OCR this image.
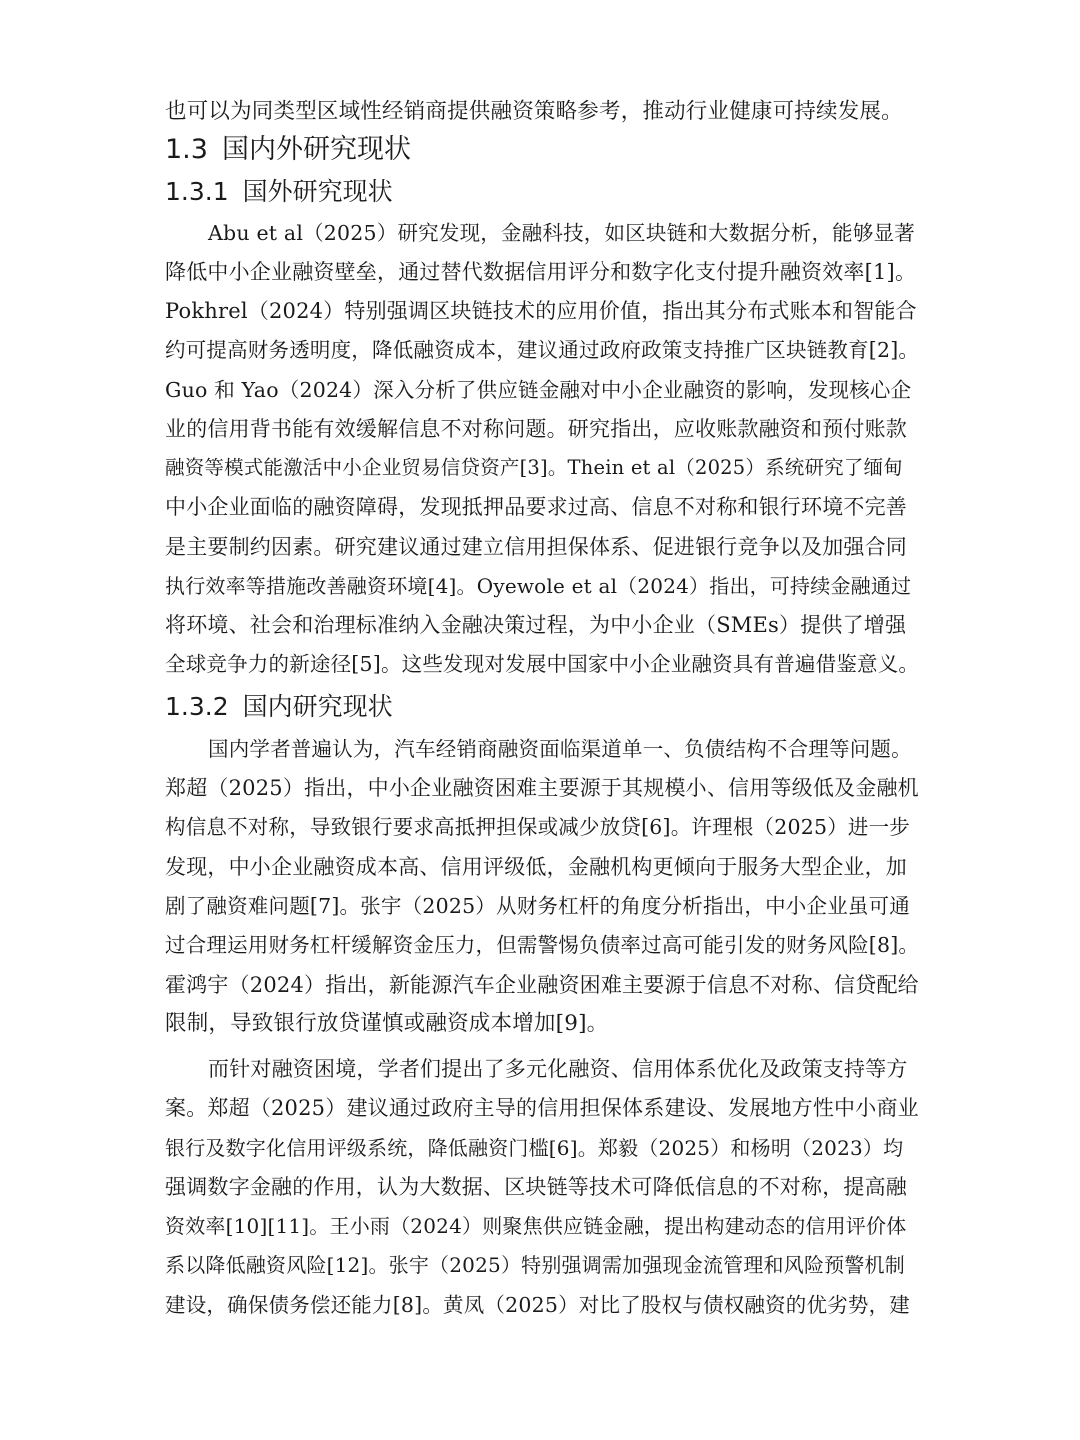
也可以为同类型区域性经销商提供融资策略参考，推动行业健康可持续发展。

1.3 国内外研究现状
1.3.1 国外研究现状

Abu et al（2025）研究发现，金融科技，如区块链和大数据分析，能够显著

降低中小企业融资壁垒，通过替代数据信用评分和数字化支付提升融资效率[1]。

Pokhrel（2024）特别强调区块链技术的应用价值，指出其分布式账本和智能合

约可提高财务透明度，降低融资成本，建议通过政府政策支持推广区块链教育[2]。

Guo 和 Yao（2024）深入分析了供应链金融对中小企业融资的影响，发现核心企

业的信用背书能有效缓解信息不对称问题。研究指出，应收账款融资和预付账款

融资等模式能激活中小企业贸易信贷资产[3]。Thein et al（2025）系统研究了缅甸

中小企业面临的融资障碍，发现抵押品要求过高、信息不对称和银行环境不完善

是主要制约因素。研究建议通过建立信用担保体系、促进银行竞争以及加强合同

执行效率等措施改善融资环境[4]。Oyewole et al（2024）指出，可持续金融通过

将环境、社会和治理标准纳入金融决策过程，为中小企业（SMEs）提供了增强

全球竞争力的新途径[5]。这些发现对发展中国家中小企业融资具有普遍借鉴意义。

1.3.2 国内研究现状

国内学者普遍认为，汽车经销商融资面临渠道单一、负债结构不合理等问题。

郑超（2025）指出，中小企业融资困难主要源于其规模小、信用等级低及金融机

构信息不对称，导致银行要求高抵押担保或减少放贷[6]。许理根（2025）进一步

发现，中小企业融资成本高、信用评级低，金融机构更倾向于服务大型企业，加

剧了融资难问题[7]。张宇（2025）从财务杠杆的角度分析指出，中小企业虽可通

过合理运用财务杠杆缓解资金压力，但需警惕负债率过高可能引发的财务风险[8]。

霍鸿宇（2024）指出，新能源汽车企业融资困难主要源于信息不对称、信贷配给

限制，导致银行放贷谨慎或融资成本增加[9]。

而针对融资困境，学者们提出了多元化融资、信用体系优化及政策支持等方

案。郑超（2025）建议通过政府主导的信用担保体系建设、发展地方性中小商业

银行及数字化信用评级系统，降低融资门槛[6]。郑毅（2025）和杨明（2023）均

强调数字金融的作用，认为大数据、区块链等技术可降低信息的不对称，提高融

资效率[10][11]。王小雨（2024）则聚焦供应链金融，提出构建动态的信用评价体

系以降低融资风险[12]。张宇（2025）特别强调需加强现金流管理和风险预警机制

建设，确保债务偿还能力[8]。黄凤（2025）对比了股权与债权融资的优劣势，建
